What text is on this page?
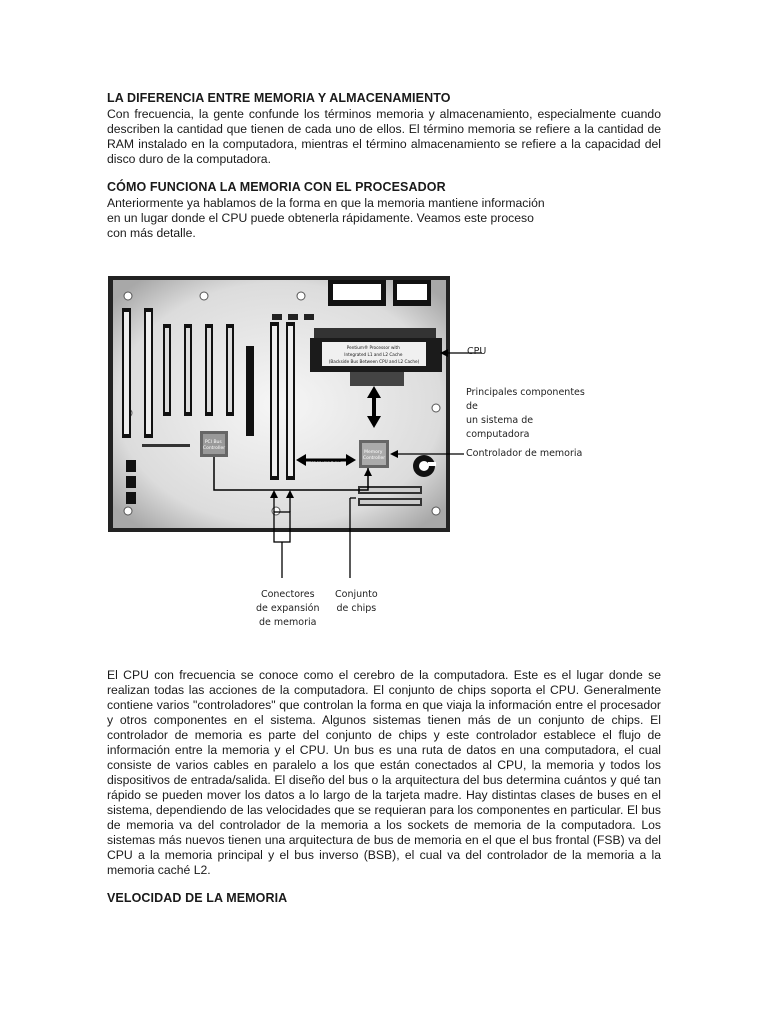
LA DIFERENCIA ENTRE MEMORIA Y ALMACENAMIENTO

Con frecuencia, la gente confunde los términos memoria y almacenamiento, especialmente cuando describen la cantidad que tienen de cada uno de ellos. El término memoria se refiere a la cantidad de RAM instalado en la computadora, mientras el término almacenamiento se refiere a la capacidad del disco duro de la computadora.

CÓMO FUNCIONA LA MEMORIA CON EL PROCESADOR

Anteriormente ya hablamos de la forma en que la memoria mantiene información
en un lugar donde el CPU puede obtenerla rápidamente. Veamos este proceso
con más detalle.

Pentium® Processor with Integrated L1 and L2 Cache (Backside Bus Between CPU and L2 Cache)
PCI Bus Controller
Memory Controller
Frontside Bus
CPU
Principales componentes de
un sistema de computadora
Controlador de memoria
Conectores
de expansión
de memoria
Conjunto
de chips

El CPU con frecuencia se conoce como el cerebro de la computadora. Este es el lugar donde se realizan todas las acciones de la computadora. El conjunto de chips soporta el CPU. Generalmente contiene varios "controladores" que controlan la forma en que viaja la información entre el procesador y otros componentes en el sistema. Algunos sistemas tienen más de un conjunto de chips. El controlador de memoria es parte del conjunto de chips y este controlador establece el flujo de información entre la memoria y el CPU. Un bus es una ruta de datos en una computadora, el cual consiste de varios cables en paralelo a los que están conectados al CPU, la memoria y todos los dispositivos de entrada/salida. El diseño del bus o la arquitectura del bus determina cuántos y qué tan rápido se pueden mover los datos a lo largo de la tarjeta madre. Hay distintas clases de buses en el sistema, dependiendo de las velocidades que se requieran para los componentes en particular. El bus de memoria va del controlador de la memoria a los sockets de memoria de la computadora. Los sistemas más nuevos tienen una arquitectura de bus de memoria en el que el bus frontal (FSB) va del CPU a la memoria principal y el bus inverso (BSB), el cual va del controlador de la memoria a la memoria caché L2.

VELOCIDAD DE LA MEMORIA
